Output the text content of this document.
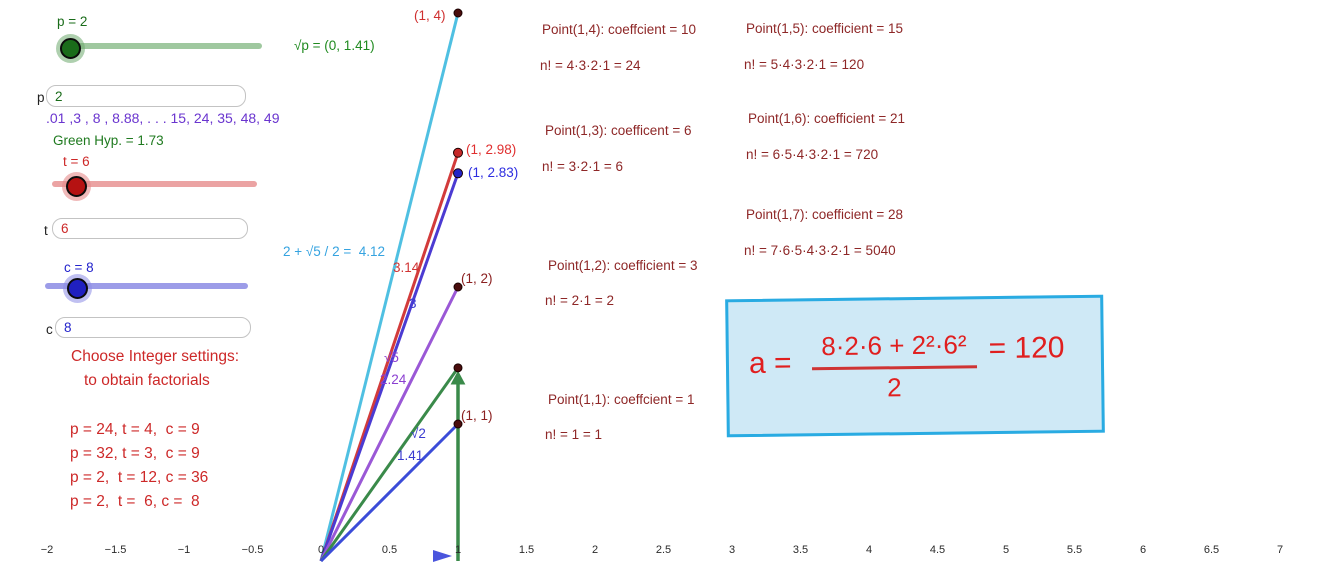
p = 2
p
2
.01 ,3 , 8 , 8.88, . . . 15, 24, 35, 48, 49
Green Hyp. = 1.73
t = 6
t
6
c = 8
c
8
Choose Integer settings:
to obtain factorials
p = 24, t = 4,  c = 9
p = 32, t = 3,  c = 9
p = 2,  t = 12, c = 36
p = 2,  t =  6, c =  8
Point(1,4): coeffcient = 10
n! = 4·3·2·1 = 24
Point(1,3): coefficent = 6
n! = 3·2·1 = 6
Point(1,2): coefficient = 3
n! = 2·1 = 2
Point(1,1): coeffcient = 1
n! = 1 = 1
Point(1,5): coefficient = 15
n! = 5·4·3·2·1 = 120
Point(1,6): coefficient = 21
n! = 6·5·4·3·2·1 = 720
Point(1,7): coefficient = 28
n! = 7·6·5·4·3·2·1 = 5040
$a = \frac{\text{8·2·6 + 2²·6²}}{2} = 120$
(1, 4)
√p = (0, 1.41)
(1, 2.98)
(1, 2.83)
2 + √5 / 2 =  4.12
3.14
(1, 2)
3
√5
2.24
(1, 1)
√2
1.41
−2	−1.5	−1	−0.5	0	0.5	1	1.5	2	2.5	3	3.5	4	4.5	5	5.5	6	6.5	7
